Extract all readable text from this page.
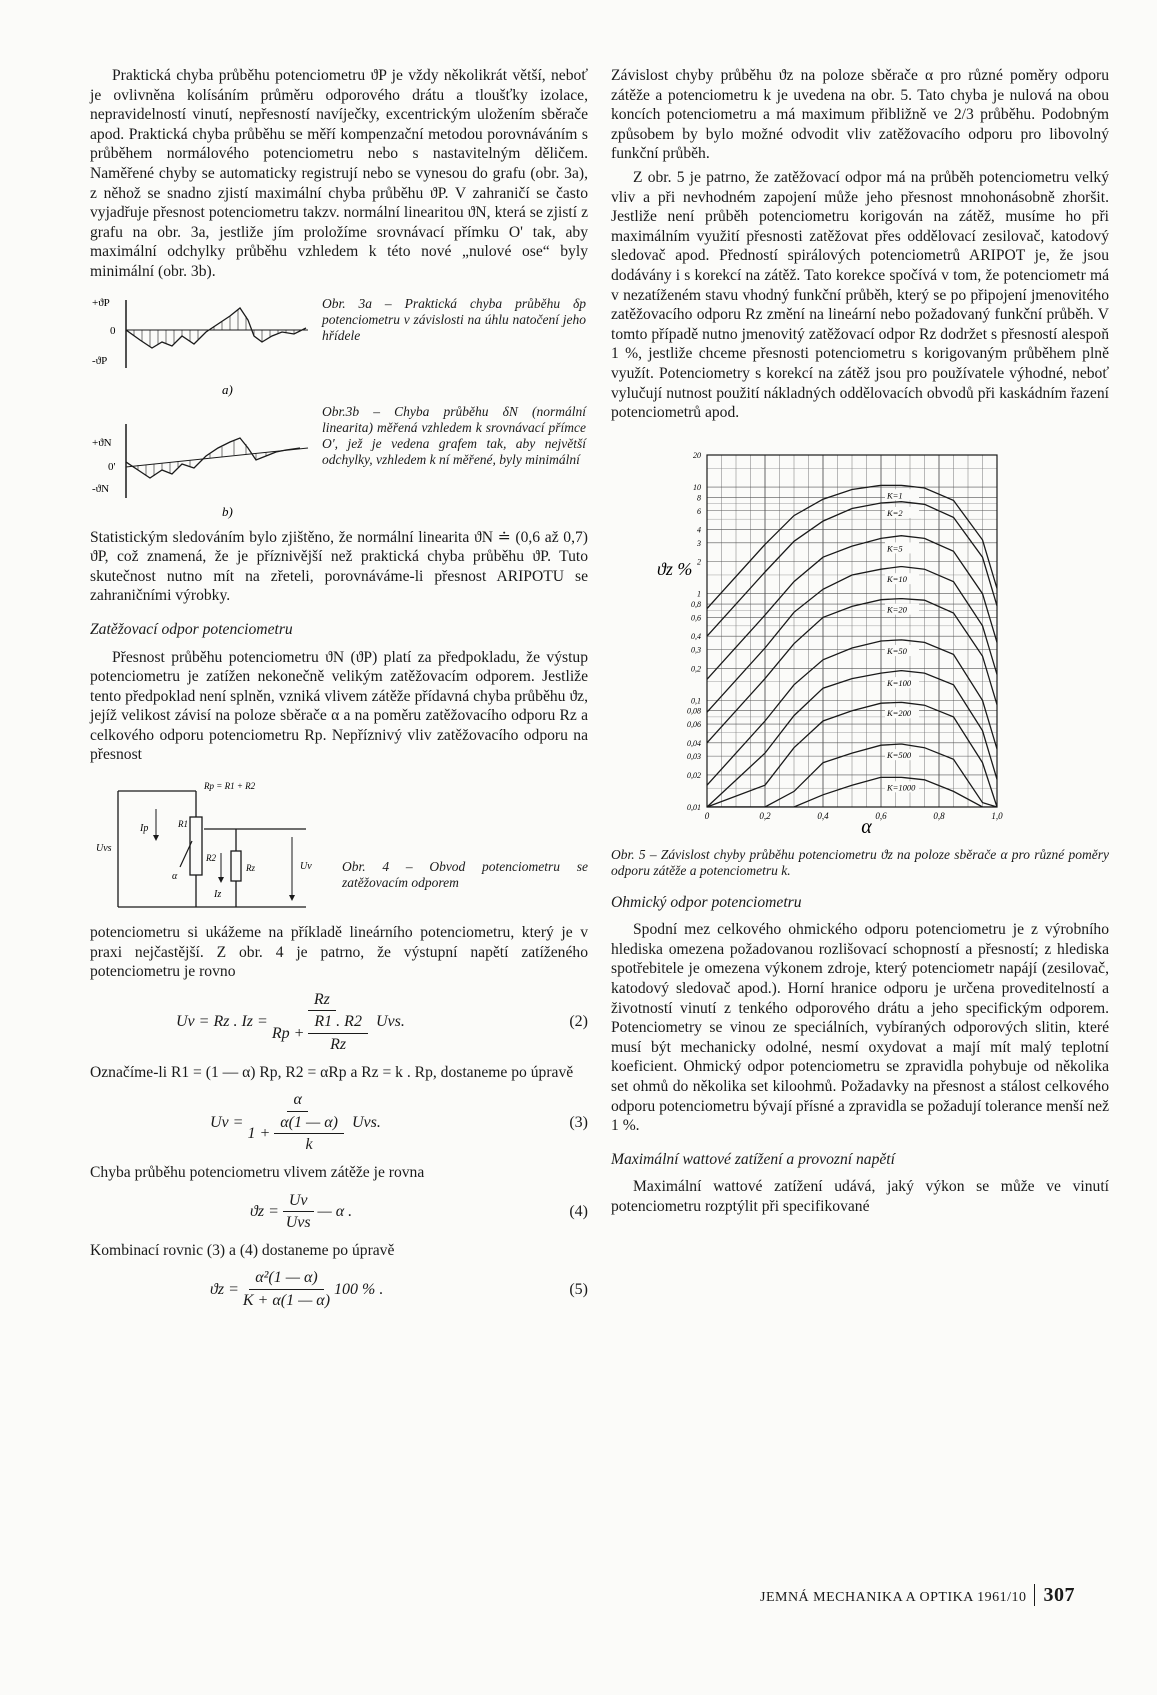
Praktická chyba průběhu potenciometru ϑP je vždy několikrát větší, neboť je ovlivněna kolísáním průměru odporového drátu a tloušťky izolace, nepravidelností vinutí, nepřesností navíječky, excentrickým uložením sběrače apod. Praktická chyba průběhu se měří kompenzační metodou porovnáváním s průběhem normálového potenciometru nebo s nastavitelným děličem. Naměřené chyby se automaticky registrují nebo se vynesou do grafu (obr. 3a), z něhož se snadno zjistí maximální chyba průběhu ϑP. V zahraničí se často vyjadřuje přesnost potenciometru takzv. normální linearitou ϑN, která se zjistí z grafu na obr. 3a, jestliže jím proložíme srovnávací přímku O' tak, aby maximální odchylky průběhu vzhledem k této nové „nulové ose“ byly minimální (obr. 3b).

+ϑP
0
-ϑP
a)
+ϑN
0'
-ϑN
b)
Obr. 3a – Praktická chyba průběhu δp potenciometru v závislosti na úhlu natočení jeho hřídele
Obr.3b – Chyba průběhu δN (normální linearita) měřená vzhledem k srovnávací přímce O', jež je vedena grafem tak, aby největší odchylky, vzhledem k ní měřené, byly minimální

Statistickým sledováním bylo zjištěno, že normální linearita ϑN ≐ (0,6 až 0,7) ϑP, což znamená, že je příznivější než praktická chyba průběhu ϑP. Tuto skutečnost nutno mít na zřeteli, porovnáváme-li přesnost ARIPOTU se zahraničními výrobky.

Zatěžovací odpor potenciometru

Přesnost průběhu potenciometru ϑN (ϑP) platí za předpokladu, že výstup potenciometru je zatížen nekonečně velikým zatěžovacím odporem. Jestliže tento předpoklad není splněn, vzniká vlivem zátěže přídavná chyba průběhu ϑz, jejíž velikost závisí na poloze sběrače α a na poměru zatěžovacího odporu Rz a celkového odporu potenciometru Rp. Nepříznivý vliv zatěžovacího odporu na přesnost

Rp = R1 + R2
R1
R2
Rz
Uvs
Ip
Iz
Uv
α
Obr. 4 – Obvod potenciometru se zatěžovacím odporem

potenciometru si ukážeme na příkladě lineárního potenciometru, který je v praxi nejčastější. Z obr. 4 je patrno, že výstupní napětí zatíženého potenciometru je rovno

Uv = Rz . $Iz = \frac{Rz}{Rp + \frac{R1 . R2}{Rz}}$ Uvs.	(2)

Označíme-li R1 = (1 — α) Rp, R2 = αRp a Rz = k . Rp, dostaneme po úpravě

$Uv = \frac{\alpha}{1 + \frac{\alpha(1 — \alpha)}{k}}$ Uvs.	(3)

Chyba průběhu potenciometru vlivem zátěže je rovna

$ϑz = \frac{Uv}{\text{Uvs}}$ — α .	(4)

Kombinací rovnic (3) a (4) dostaneme po úpravě

$ϑz = \frac{\text{α²(1 — α)}}{K + \alpha(1 — \alpha)} 100$ % .	(5)

Závislost chyby průběhu ϑz na poloze sběrače α pro různé poměry odporu zátěže a potenciometru k je uvedena na obr. 5. Tato chyba je nulová na obou koncích potenciometru a má maximum přibližně ve 2/3 průběhu. Podobným způsobem by bylo možné odvodit vliv zatěžovacího odporu pro libovolný funkční průběh.

Z obr. 5 je patrno, že zatěžovací odpor má na průběh potenciometru velký vliv a při nevhodném zapojení může jeho přesnost mnohonásobně zhoršit. Jestliže není průběh potenciometru korigován na zátěž, musíme ho při maximálním využití přesnosti zatěžovat přes oddělovací zesilovač, katodový sledovač apod. Předností spirálových potenciometrů ARIPOT je, že jsou dodávány i s korekcí na zátěž. Tato korekce spočívá v tom, že potenciometr má v nezatíženém stavu vhodný funkční průběh, který se po připojení jmenovitého zatěžovacího odporu Rz změní na lineární nebo požadovaný funkční průběh. V tomto případě nutno jmenovitý zatěžovací odpor Rz dodržet s přesností alespoň 1 %, jestliže chceme přesnosti potenciometru s korigovaným průběhem plně využít. Potenciometry s korekcí na zátěž jsou pro používatele výhodné, neboť vylučují nutnost použití nákladných oddělovacích obvodů při kaskádním řazení potenciometrů apod.

20
10
8
6
4
3
2
1
0,8
0,6
0,4
0,3
0,2
0,1
0,08
0,06
0,04
0,03
0,02
0,01
0	0,2	0,4	0,6	0,8	1,0
α
ϑz %
K=1
K=2
K=5
K=10
K=20
K=50
K=100
K=200
K=500
K=1000
Obr. 5 – Závislost chyby průběhu potenciometru ϑz na poloze sběrače α pro různé poměry odporu zátěže a potenciometru k.
Ohmický odpor potenciometru

Spodní mez celkového ohmického odporu potenciometru je z výrobního hlediska omezena požadovanou rozlišovací schopností a přesností; z hlediska spotřebitele je omezena výkonem zdroje, který potenciometr napájí (zesilovač, katodový sledovač apod.). Horní hranice odporu je určena proveditelností a životností vinutí z tenkého odporového drátu a jeho specifickým odporem. Potenciometry se vinou ze speciálních, vybíraných odporových slitin, které musí být mechanicky odolné, nesmí oxydovat a mají mít malý teplotní koeficient. Ohmický odpor potenciometru se zpravidla pohybuje od několika set ohmů do několika set kiloohmů. Požadavky na přesnost a stálost celkového odporu potenciometru bývají přísné a zpravidla se požadují tolerance menší než 1 %.

Maximální wattové zatížení a provozní napětí

Maximální wattové zatížení udává, jaký výkon se může ve vinutí potenciometru rozptýlit při specifikované

JEMNÁ MECHANIKA A OPTIKA 1961/10 307
